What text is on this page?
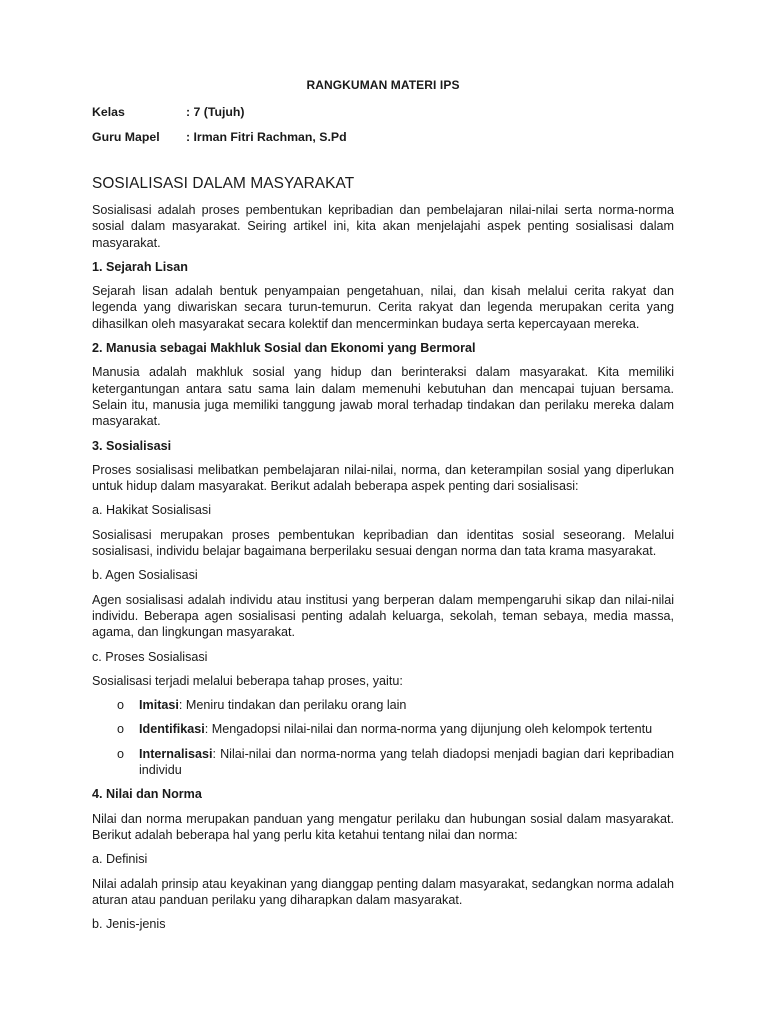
RANGKUMAN MATERI IPS
Kelas	: 7 (Tujuh)
Guru Mapel	: Irman Fitri Rachman, S.Pd
SOSIALISASI DALAM MASYARAKAT

Sosialisasi adalah proses pembentukan kepribadian dan pembelajaran nilai-nilai serta norma-norma sosial dalam masyarakat. Seiring artikel ini, kita akan menjelajahi aspek penting sosialisasi dalam masyarakat.

1. Sejarah Lisan

Sejarah lisan adalah bentuk penyampaian pengetahuan, nilai, dan kisah melalui cerita rakyat dan legenda yang diwariskan secara turun-temurun. Cerita rakyat dan legenda merupakan cerita yang dihasilkan oleh masyarakat secara kolektif dan mencerminkan budaya serta kepercayaan mereka.

2. Manusia sebagai Makhluk Sosial dan Ekonomi yang Bermoral

Manusia adalah makhluk sosial yang hidup dan berinteraksi dalam masyarakat. Kita memiliki ketergantungan antara satu sama lain dalam memenuhi kebutuhan dan mencapai tujuan bersama. Selain itu, manusia juga memiliki tanggung jawab moral terhadap tindakan dan perilaku mereka dalam masyarakat.

3. Sosialisasi

Proses sosialisasi melibatkan pembelajaran nilai-nilai, norma, dan keterampilan sosial yang diperlukan untuk hidup dalam masyarakat. Berikut adalah beberapa aspek penting dari sosialisasi:

a. Hakikat Sosialisasi

Sosialisasi merupakan proses pembentukan kepribadian dan identitas sosial seseorang. Melalui sosialisasi, individu belajar bagaimana berperilaku sesuai dengan norma dan tata krama masyarakat.

b. Agen Sosialisasi

Agen sosialisasi adalah individu atau institusi yang berperan dalam mempengaruhi sikap dan nilai-nilai individu. Beberapa agen sosialisasi penting adalah keluarga, sekolah, teman sebaya, media massa, agama, dan lingkungan masyarakat.

c. Proses Sosialisasi

Sosialisasi terjadi melalui beberapa tahap proses, yaitu:

o	Imitasi: Meniru tindakan dan perilaku orang lain
o	Identifikasi: Mengadopsi nilai-nilai dan norma-norma yang dijunjung oleh kelompok tertentu
o	Internalisasi: Nilai-nilai dan norma-norma yang telah diadopsi menjadi bagian dari kepribadian individu

4. Nilai dan Norma

Nilai dan norma merupakan panduan yang mengatur perilaku dan hubungan sosial dalam masyarakat. Berikut adalah beberapa hal yang perlu kita ketahui tentang nilai dan norma:

a. Definisi

Nilai adalah prinsip atau keyakinan yang dianggap penting dalam masyarakat, sedangkan norma adalah aturan atau panduan perilaku yang diharapkan dalam masyarakat.

b. Jenis-jenis
